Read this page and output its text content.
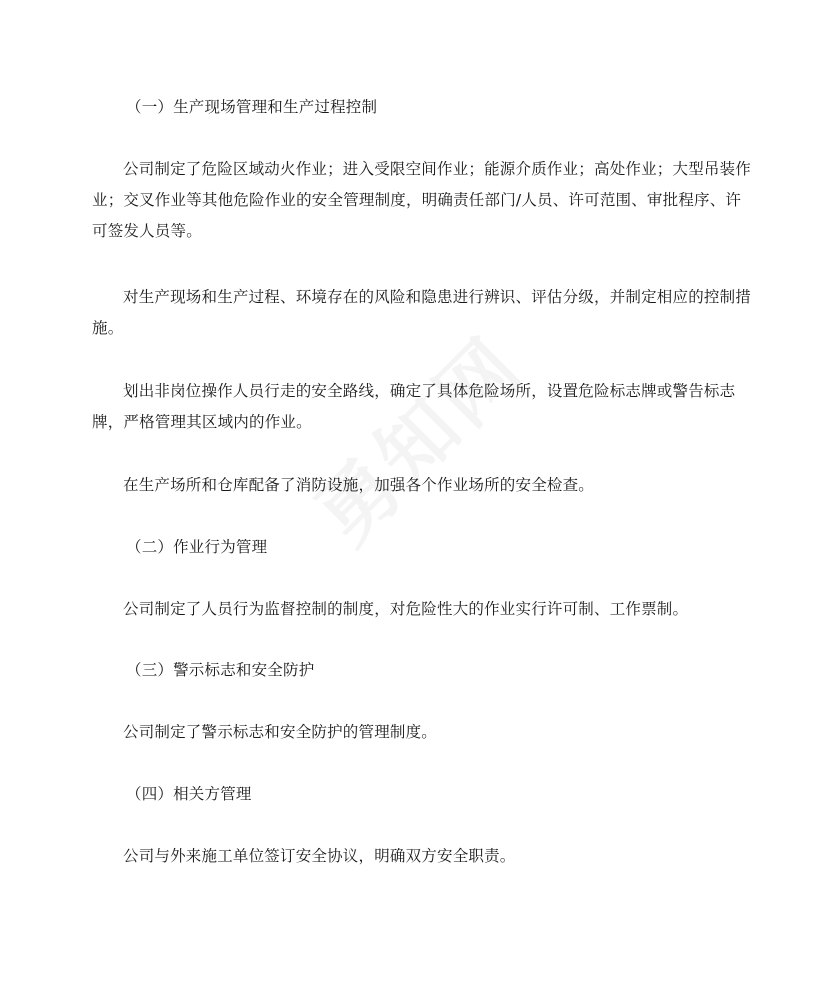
（一）生产现场管理和生产过程控制

公司制定了危险区域动火作业；进入受限空间作业；能源介质作业；高处作业；大型吊装作业；交叉作业等其他危险作业的安全管理制度，明确责任部门/人员、许可范围、审批程序、许可签发人员等。

对生产现场和生产过程、环境存在的风险和隐患进行辨识、评估分级，并制定相应的控制措施。

划出非岗位操作人员行走的安全路线，确定了具体危险场所，设置危险标志牌或警告标志牌，严格管理其区域内的作业。

在生产场所和仓库配备了消防设施，加强各个作业场所的安全检查。

（二）作业行为管理

公司制定了人员行为监督控制的制度，对危险性大的作业实行许可制、工作票制。

（三）警示标志和安全防护

公司制定了警示标志和安全防护的管理制度。

（四）相关方管理

公司与外来施工单位签订安全协议，明确双方安全职责。
